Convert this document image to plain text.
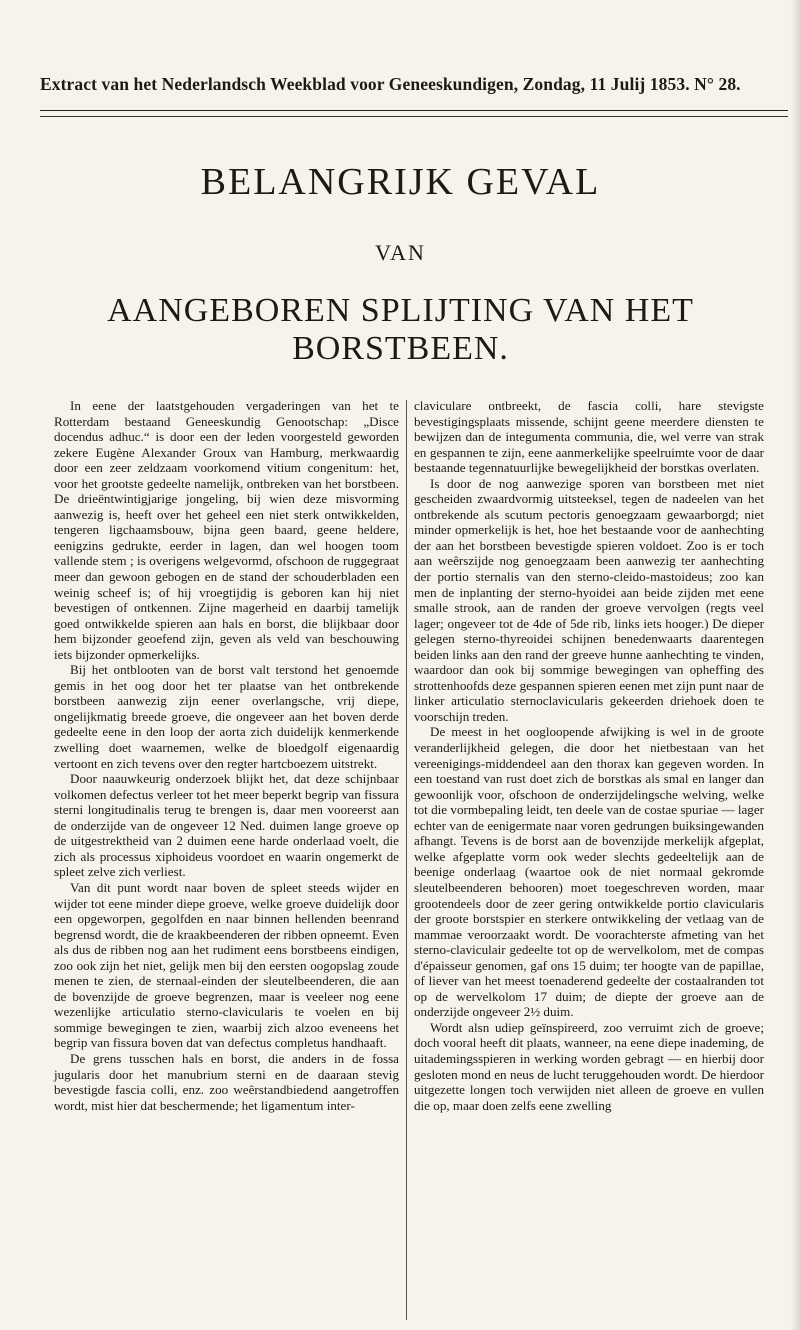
Extract van het Nederlandsch Weekblad voor Geneeskundigen, Zondag, 11 Julij 1853. N° 28.
BELANGRIJK GEVAL
VAN
AANGEBOREN SPLIJTING VAN HET BORSTBEEN.

In eene der laatstgehouden vergaderingen van het te Rotterdam bestaand Geneeskundig Genootschap: „Disce docendus adhuc.“ is door een der leden voorgesteld geworden zekere Eugène Alexander Groux van Hamburg, merkwaardig door een zeer zeldzaam voorkomend vitium congenitum: het, voor het grootste gedeelte namelijk, ontbreken van het borstbeen. De drieëntwintigjarige jongeling, bij wien deze misvorming aanwezig is, heeft over het geheel een niet sterk ontwikkelden, tengeren ligchaamsbouw, bijna geen baard, geene heldere, eenigzins gedrukte, eerder in lagen, dan wel hoogen toom vallende stem ; is overigens welgevormd, ofschoon de ruggegraat meer dan gewoon gebogen en de stand der schouderbladen een weinig scheef is; of hij vroegtijdig is geboren kan hij niet bevestigen of ontkennen. Zijne magerheid en daarbij tamelijk goed ontwikkelde spieren aan hals en borst, die blijkbaar door hem bijzonder geoefend zijn, geven als veld van beschouwing iets bijzonder opmerkelijks.

Bij het ontblooten van de borst valt terstond het genoemde gemis in het oog door het ter plaatse van het ontbrekende borstbeen aanwezig zijn eener overlangsche, vrij diepe, ongelijkmatig breede groeve, die ongeveer aan het boven derde gedeelte eene in den loop der aorta zich duidelijk kenmerkende zwelling doet waarnemen, welke de bloedgolf eigenaardig vertoont en zich tevens over den regter hartcboezem uitstrekt.

Door naauwkeurig onderzoek blijkt het, dat deze schijnbaar volkomen defectus verleer tot het meer beperkt begrip van fissura sterni longitudinalis terug te brengen is, daar men vooreerst aan de onderzijde van de ongeveer 12 Ned. duimen lange groeve op de uitgestrektheid van 2 duimen eene harde onderlaad voelt, die zich als processus xiphoideus voordoet en waarin ongemerkt de spleet zelve zich verliest.

Van dit punt wordt naar boven de spleet steeds wijder en wijder tot eene minder diepe groeve, welke groeve duidelijk door een opgeworpen, gegolfden en naar binnen hellenden beenrand begrensd wordt, die de kraakbeenderen der ribben opneemt. Even als dus de ribben nog aan het rudiment eens borstbeens eindigen, zoo ook zijn het niet, gelijk men bij den eersten oogopslag zoude menen te zien, de sternaal-einden der sleutelbeenderen, die aan de bovenzijde de groeve begrenzen, maar is veeleer nog eene wezenlijke articulatio sterno-clavicularis te voelen en bij sommige bewegingen te zien, waarbij zich alzoo eveneens het begrip van fissura boven dat van defectus completus handhaaft.

De grens tusschen hals en borst, die anders in de fossa jugularis door het manubrium sterni en de daaraan stevig bevestigde fascia colli, enz. zoo weêrstandbiedend aangetroffen wordt, mist hier dat beschermende; het ligamentum inter-

claviculare ontbreekt, de fascia colli, hare stevigste bevestigingsplaats missende, schijnt geene meerdere diensten te bewijzen dan de integumenta communia, die, wel verre van strak en gespannen te zijn, eene aanmerkelijke speelruimte voor de daar bestaande tegennatuurlijke bewegelijkheid der borstkas overlaten.

Is door de nog aanwezige sporen van borstbeen met niet gescheiden zwaardvormig uitsteeksel, tegen de nadeelen van het ontbrekende als scutum pectoris genoegzaam gewaarborgd; niet minder opmerkelijk is het, hoe het bestaande voor de aanhechting der aan het borstbeen bevestigde spieren voldoet. Zoo is er toch aan weêrszijde nog genoegzaam been aanwezig ter aanhechting der portio sternalis van den sterno-cleido-mastoideus; zoo kan men de inplanting der sterno-hyoidei aan beide zijden met eene smalle strook, aan de randen der groeve vervolgen (regts veel lager; ongeveer tot de 4de of 5de rib, links iets hooger.) De dieper gelegen sterno-thyreoidei schijnen benedenwaarts daarentegen beiden links aan den rand der greeve hunne aanhechting te vinden, waardoor dan ook bij sommige bewegingen van opheffing des strottenhoofds deze gespannen spieren eenen met zijn punt naar de linker articulatio sternoclavicularis gekeerden driehoek doen te voorschijn treden.

De meest in het oogloopende afwijking is wel in de groote veranderlijkheid gelegen, die door het nietbestaan van het vereenigings-middendeel aan den thorax kan gegeven worden. In een toestand van rust doet zich de borstkas als smal en langer dan gewoonlijk voor, ofschoon de onderzijdelingsche welving, welke tot die vormbepaling leidt, ten deele van de costae spuriae — lager echter van de eenigermate naar voren gedrungen buiksingewanden afhangt. Tevens is de borst aan de bovenzijde merkelijk afgeplat, welke afgeplatte vorm ook weder slechts gedeeltelijk aan de beenige onderlaag (waartoe ook de niet normaal gekromde sleutelbeenderen behooren) moet toegeschreven worden, maar grootendeels door de zeer gering ontwikkelde portio clavicularis der groote borstspier en sterkere ontwikkeling der vetlaag van de mammae veroorzaakt wordt. De voorachterste afmeting van het sterno-claviculair gedeelte tot op de wervelkolom, met de compas d'épaisseur genomen, gaf ons 15 duim; ter hoogte van de papillae, of liever van het meest toenaderend gedeelte der costaalranden tot op de wervelkolom 17 duim; de diepte der groeve aan de onderzijde ongeveer 2½ duim.

Wordt alsn udiep geïnspireerd, zoo verruimt zich de groeve; doch vooral heeft dit plaats, wanneer, na eene diepe inademing, de uitademingsspieren in werking worden gebragt — en hierbij door gesloten mond en neus de lucht teruggehouden wordt. De hierdoor uitgezette longen toch verwijden niet alleen de groeve en vullen die op, maar doen zelfs eene zwelling
